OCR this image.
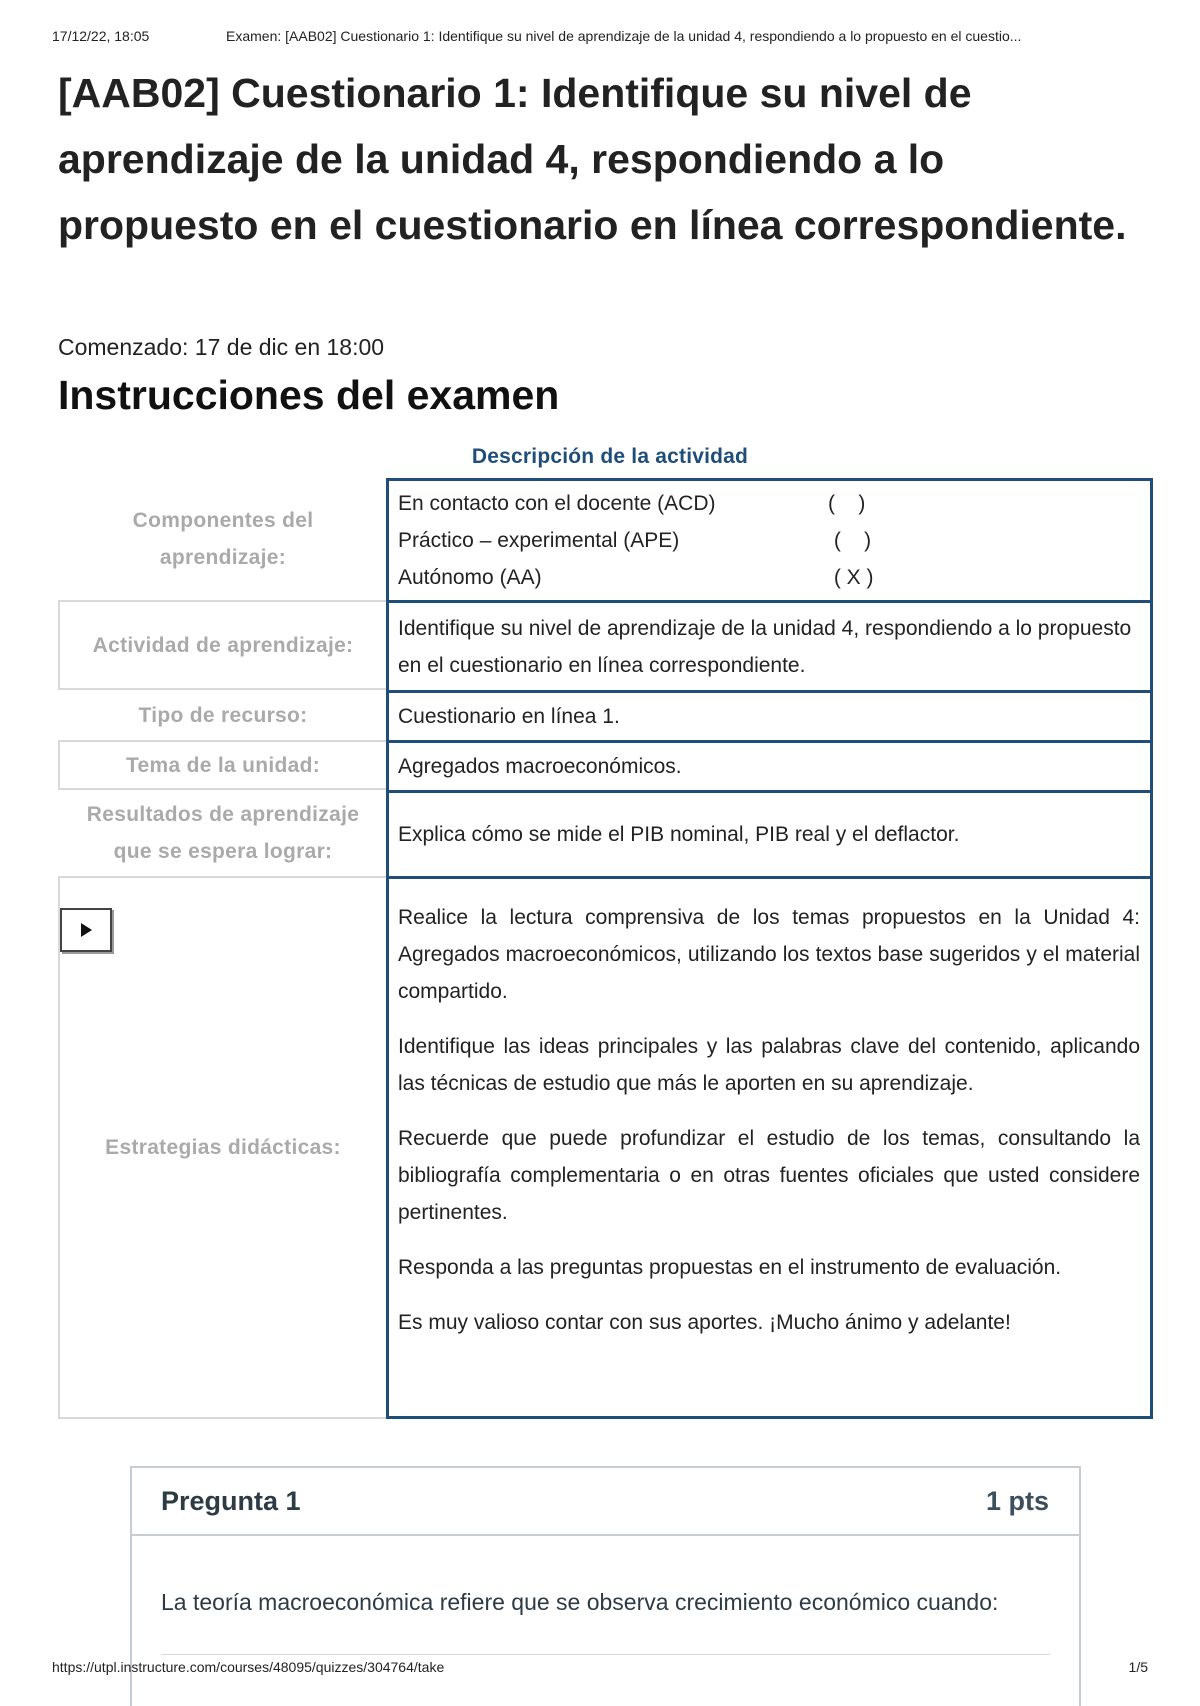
17/12/22, 18:05	Examen: [AAB02] Cuestionario 1: Identifique su nivel de aprendizaje de la unidad 4, respondiendo a lo propuesto en el cuestio...
[AAB02] Cuestionario 1: Identifique su nivel de aprendizaje de la unidad 4, respondiendo a lo propuesto en el cuestionario en línea correspondiente.
Comenzado: 17 de dic en 18:00
Instrucciones del examen
Descripción de la actividad
Componentes del aprendizaje:
En contacto con el docente (ACD)	(    )
Práctico – experimental (APE)	(    )
Autónomo (AA)	( X )
Actividad de aprendizaje:
Identifique su nivel de aprendizaje de la unidad 4, respondiendo a lo propuesto en el cuestionario en línea correspondiente.
Tipo de recurso:	Cuestionario en línea 1.
Tema de la unidad:	Agregados macroeconómicos.
Resultados de aprendizaje que se espera lograr:
Explica cómo se mide el PIB nominal, PIB real y el deflactor.
Estrategias didácticas:

Realice la lectura comprensiva de los temas propuestos en la Unidad 4: Agregados macroeconómicos, utilizando los textos base sugeridos y el material compartido.

Identifique las ideas principales y las palabras clave del contenido, aplicando las técnicas de estudio que más le aporten en su aprendizaje.

Recuerde que puede profundizar el estudio de los temas, consultando la bibliografía complementaria o en otras fuentes oficiales que usted considere pertinentes.

Responda a las preguntas propuestas en el instrumento de evaluación.

Es muy valioso contar con sus aportes. ¡Mucho ánimo y adelante!

Pregunta 1	1 pts
La teoría macroeconómica refiere que se observa crecimiento económico cuando:
https://utpl.instructure.com/courses/48095/quizzes/304764/take	1/5
